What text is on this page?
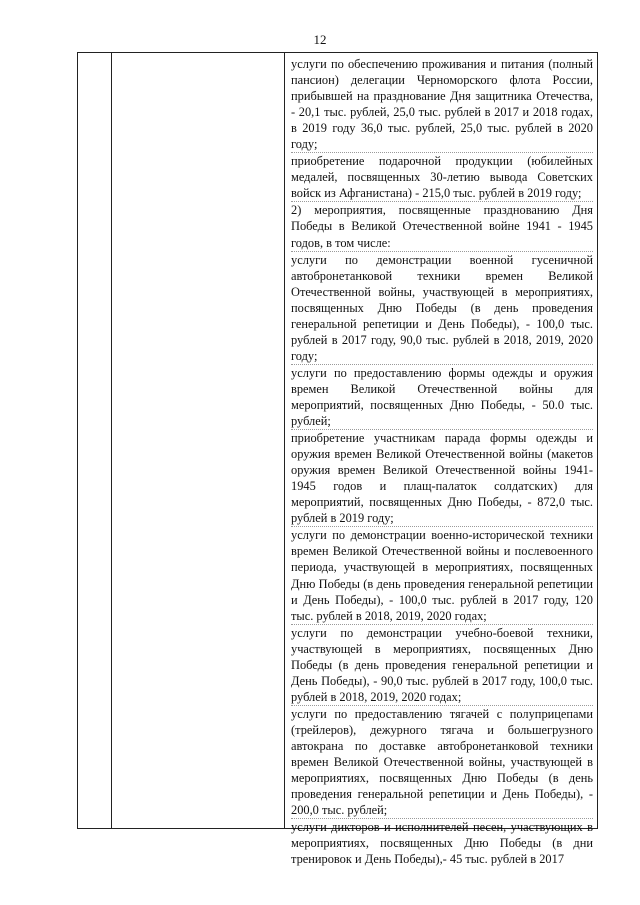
12

услуги по обеспечению проживания и питания (полный пансион) делегации Черноморского флота России, прибывшей на празднование Дня защитника Отечества, - 20,1 тыс. рублей, 25,0 тыс. рублей в 2017 и 2018 годах, в 2019 году 36,0 тыс. рублей, 25,0 тыс. рублей в 2020 году;

приобретение подарочной продукции (юбилейных медалей, посвященных 30-летию вывода Советских войск из Афганистана) - 215,0 тыс. рублей в 2019 году;

2) мероприятия, посвященные празднованию Дня Победы в Великой Отечественной войне 1941 - 1945 годов, в том числе:

услуги по демонстрации военной гусеничной автобронетанковой техники времен Великой Отечественной войны, участвующей в мероприятиях, посвященных Дню Победы (в день проведения генеральной репетиции и День Победы), - 100,0 тыс. рублей в 2017 году, 90,0 тыс. рублей в 2018, 2019, 2020 году;

услуги по предоставлению формы одежды и оружия времен Великой Отечественной войны для мероприятий, посвященных Дню Победы, - 50.0 тыс. рублей;

приобретение участникам парада формы одежды и оружия времен Великой Отечественной войны (макетов оружия времен Великой Отечественной войны 1941-1945 годов и плащ-палаток солдатских) для мероприятий, посвященных Дню Победы, - 872,0 тыс. рублей в 2019 году;

услуги по демонстрации военно-исторической техники времен Великой Отечественной войны и послевоенного периода, участвующей в мероприятиях, посвященных Дню Победы (в день проведения генеральной репетиции и День Победы), - 100,0 тыс. рублей в 2017 году, 120 тыс. рублей в 2018, 2019, 2020 годах;

услуги по демонстрации учебно-боевой техники, участвующей в мероприятиях, посвященных Дню Победы (в день проведения генеральной репетиции и День Победы), - 90,0 тыс. рублей в 2017 году, 100,0 тыс. рублей в 2018, 2019, 2020 годах;

услуги по предоставлению тягачей с полуприцепами (трейлеров), дежурного тягача и большегрузного автокрана по доставке автобронетанковой техники времен Великой Отечественной войны, участвующей в мероприятиях, посвященных Дню Победы (в день проведения генеральной репетиции и День Победы), - 200,0 тыс. рублей;

услуги дикторов и исполнителей песен, участвующих в мероприятиях, посвященных Дню Победы (в дни тренировок и День Победы),- 45 тыс. рублей в 2017
